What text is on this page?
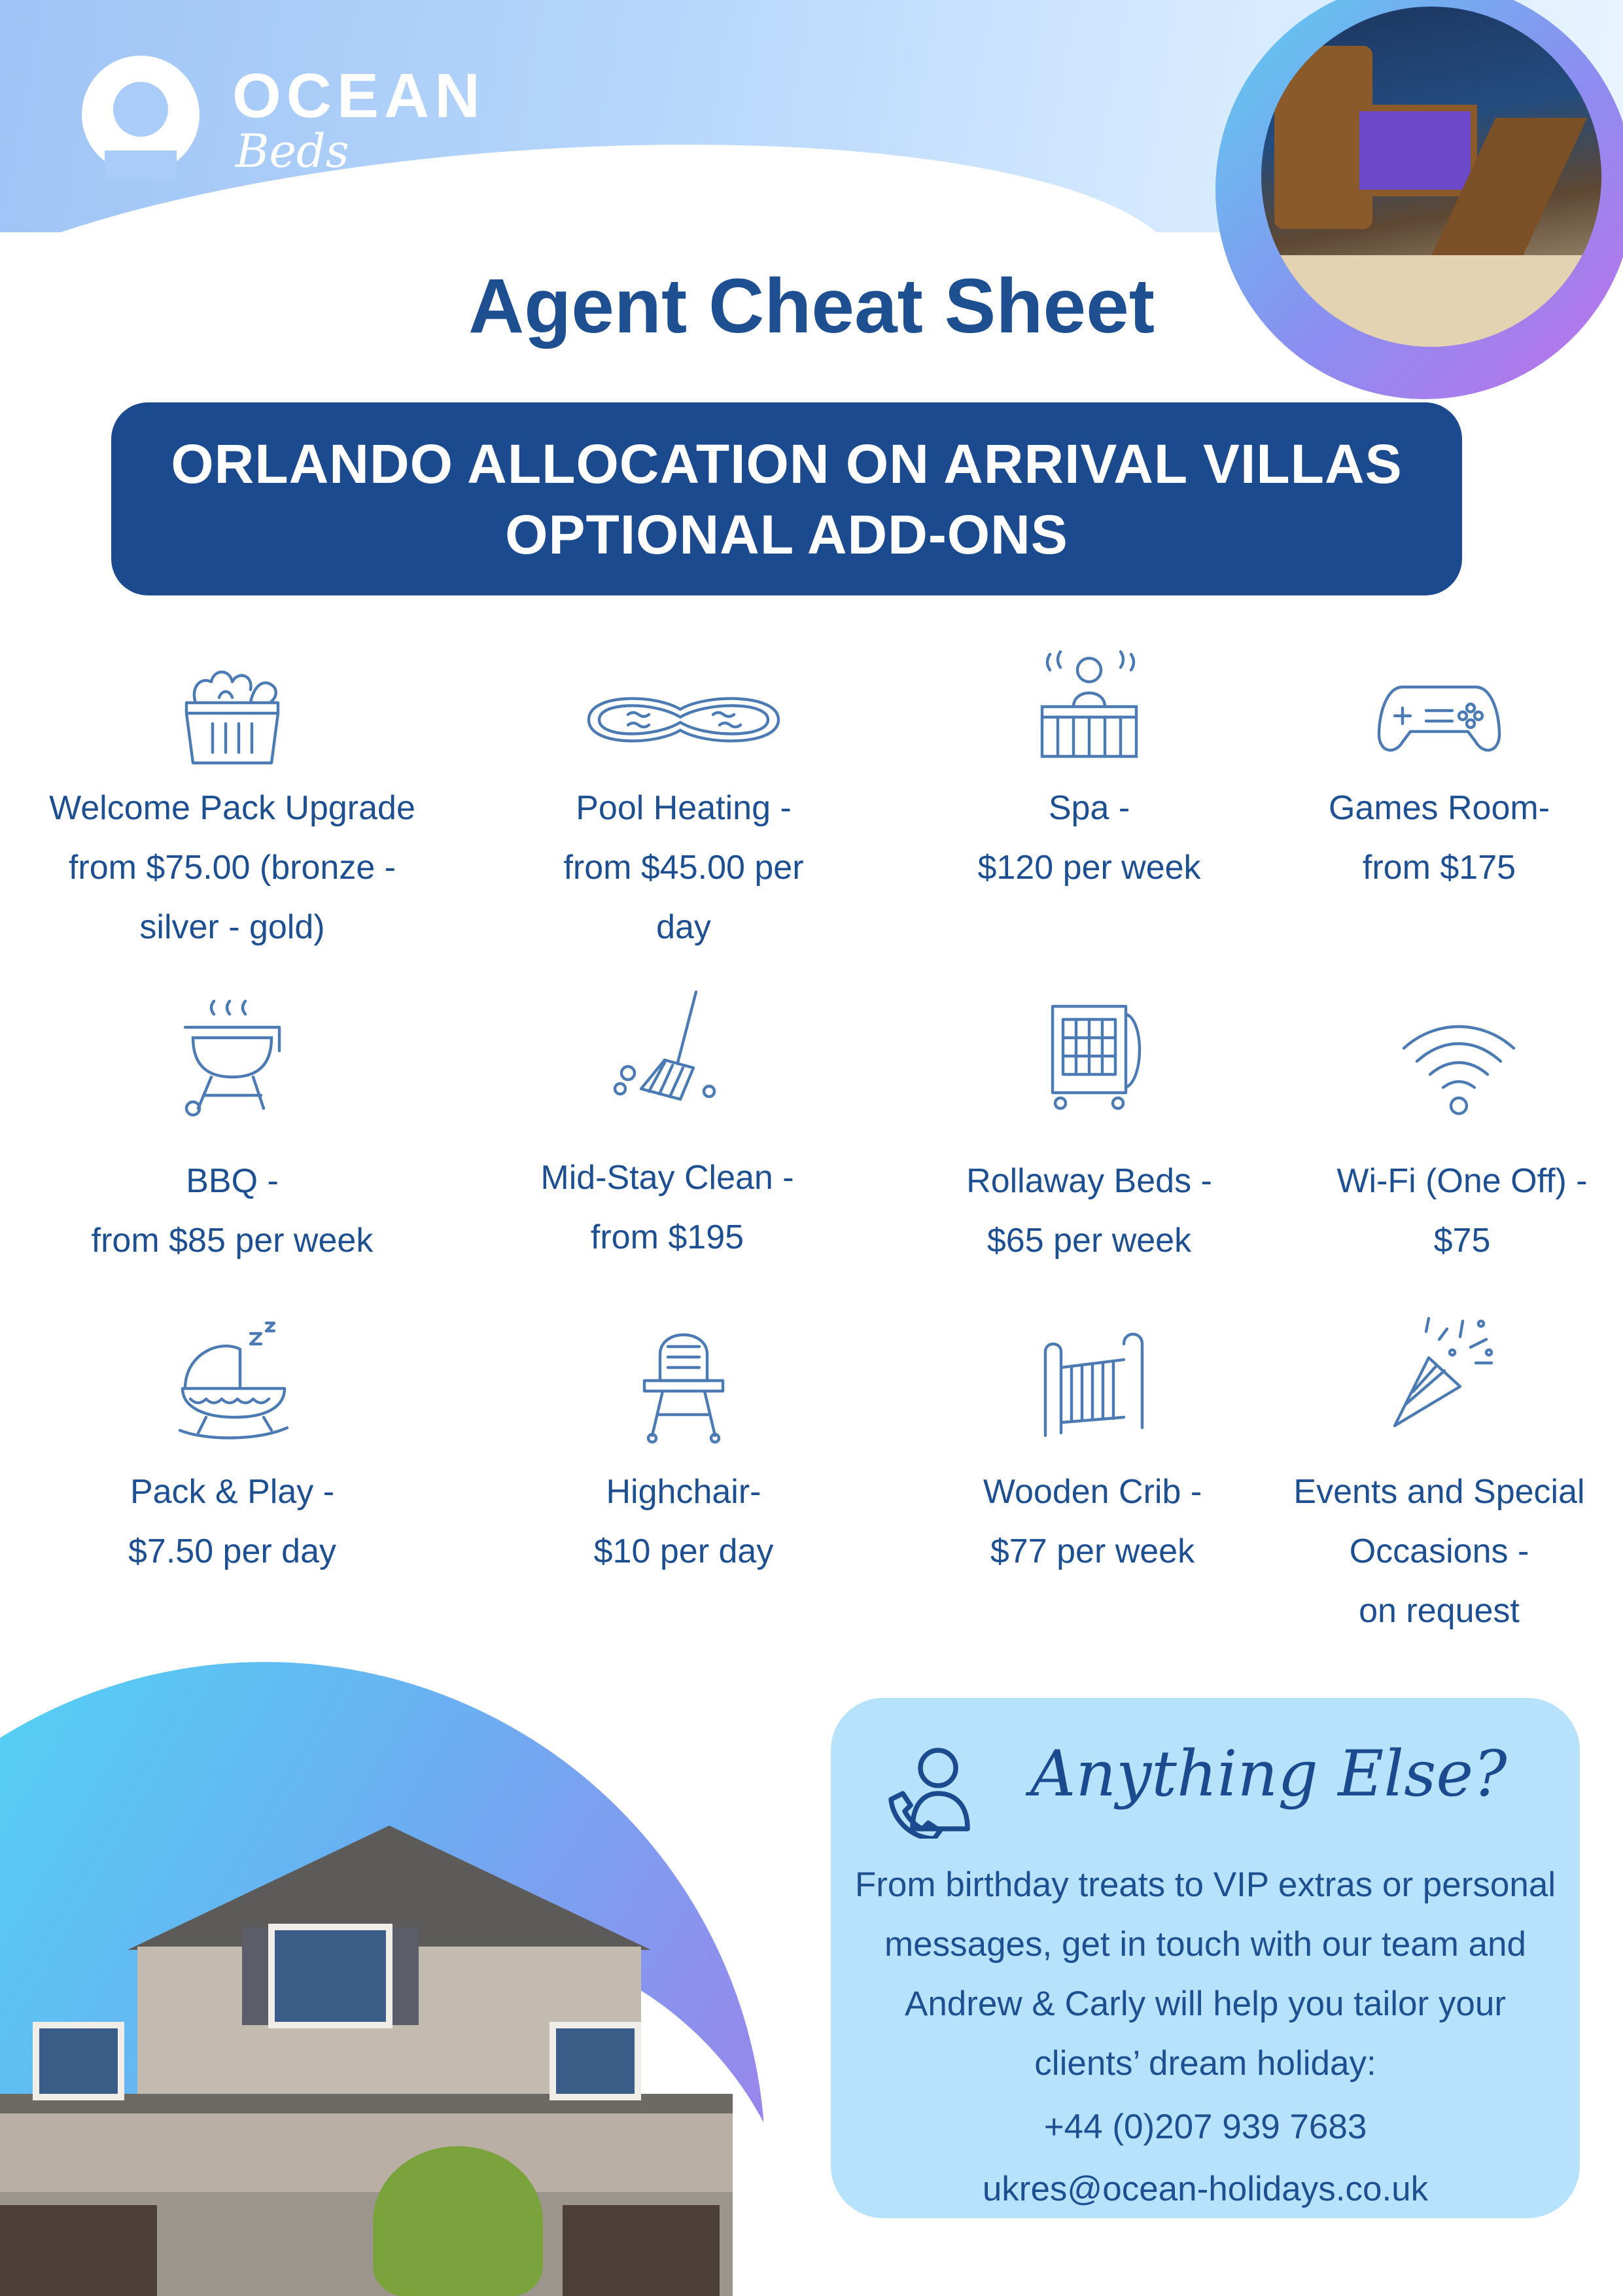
OCEAN
Beds
Agent Cheat Sheet
ORLANDO ALLOCATION ON ARRIVAL VILLAS
OPTIONAL ADD-ONS
Welcome Pack Upgrade
from $75.00 (bronze -
silver - gold)
Pool Heating -
from $45.00 per
day
Spa -
$120 per week
Games Room-
from $175
BBQ -
from $85 per week
Mid-Stay Clean -
from $195
Rollaway Beds -
$65 per week
Wi-Fi (One Off) -
$75
Pack & Play -
$7.50 per day
Highchair-
$10 per day
Wooden Crib -
$77 per week
Events and Special
Occasions -
on request
Anything Else?
From birthday treats to VIP extras or personal messages, get in touch with our team and Andrew & Carly will help you tailor your clients’ dream holiday:
+44 (0)207 939 7683
ukres@ocean-holidays.co.uk
